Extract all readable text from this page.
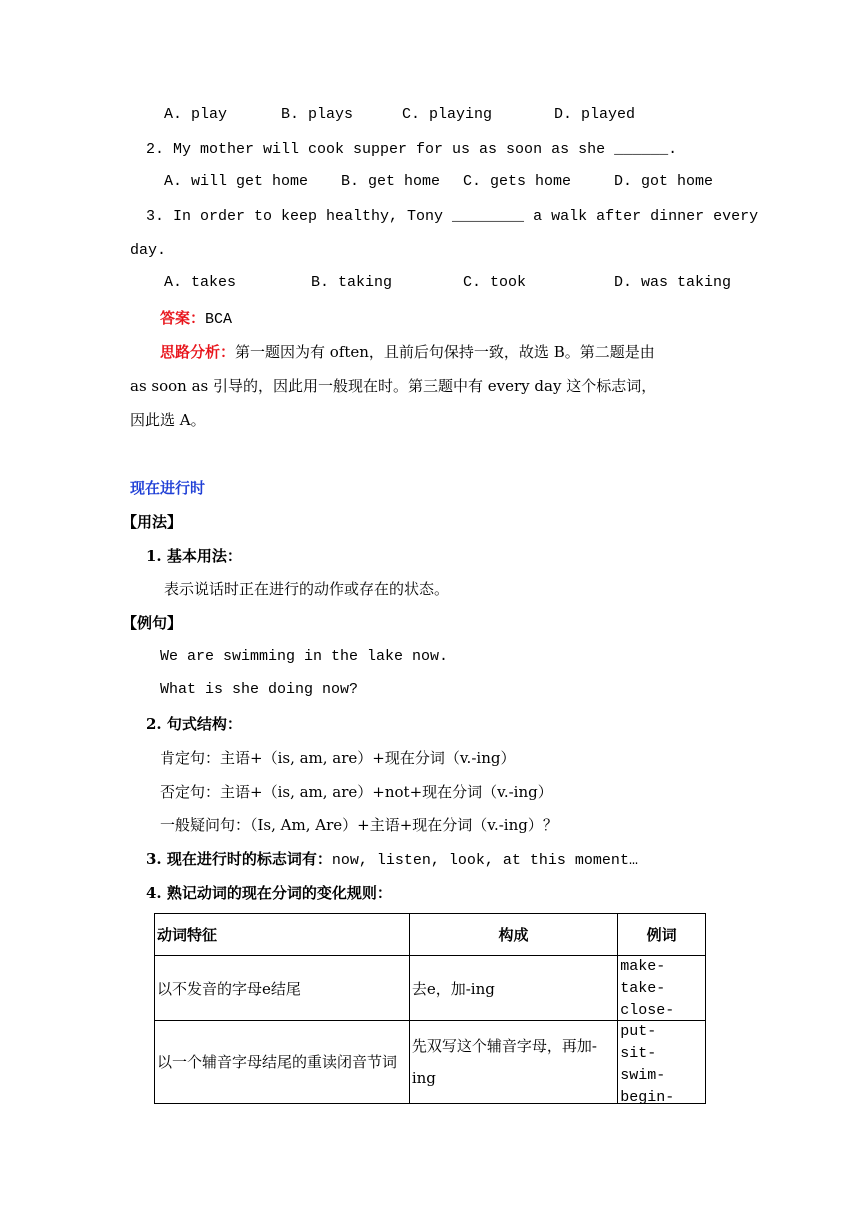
A. play	B. plays	C. playing	D. played
2. My mother will cook supper for us as soon as she ______.
A. will get home B. get home C. gets home	D. got home
3. In order to keep healthy, Tony ________ a walk after dinner every
day.
A. takes	B. taking	C. took	D. was taking
答案：BCA
思路分析：第一题因为有 often，且前后句保持一致，故选 B。第二题是由
as soon as 引导的，因此用一般现在时。第三题中有 every day 这个标志词，
因此选 A。
现在进行时
【用法】
1. 基本用法：
表示说话时正在进行的动作或存在的状态。
【例句】
We are swimming in the lake now.
What is she doing now?
2. 句式结构：
肯定句：主语+（is, am, are）+现在分词（v.-ing）
否定句：主语+（is, am, are）+not+现在分词（v.-ing）
一般疑问句：（Is, Am, Are）+主语+现在分词（v.-ing）？
3. 现在进行时的标志词有：now, listen, look, at this moment…
4. 熟记动词的现在分词的变化规则：
动词特征	构成	例词
以不发音的字母e结尾	去e，加-ing	make-
take-
close-

以一个辅音字母结尾的重读闭音节词	先双写这个辅音字母，再加-ing	put-
sit-
swim-
begin-
